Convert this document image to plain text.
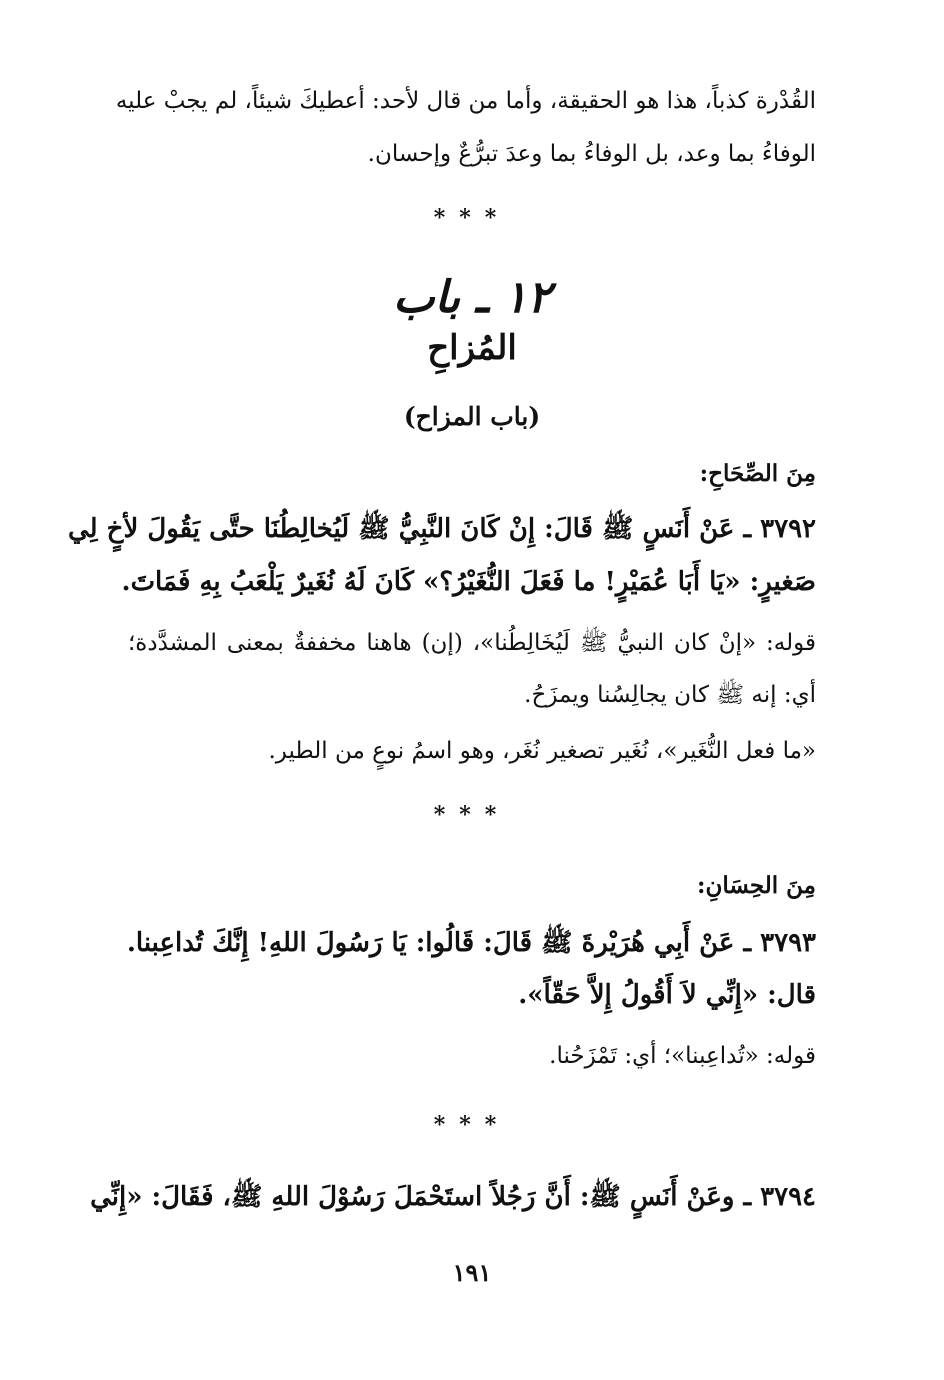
القُدْرة كذباً، هذا هو الحقيقة، وأما من قال لأحد: أعطيكَ شيئاً، لم يجبْ عليه
الوفاءُ بما وعد، بل الوفاءُ بما وعدَ تبرُّعٌ وإحسان.
***
١٢ ـ باب
المُزاحِ
(باب المزاح)
مِنَ الصِّحَاحِ:
٣٧٩٢ ـ عَنْ أَنَسٍ ﷺ قَالَ: إِنْ كَانَ النَّبِيُّ ﷺ لَيُخالِطُنَا حتَّى يَقُولَ لأخٍ لِي
صَغيرٍ: «يَا أَبَا عُمَيْرٍ! ما فَعَلَ النُّغَيْرُ؟» كَانَ لَهُ نُغَيرٌ يَلْعَبُ بِهِ فَمَاتَ.
قوله: «إنْ كان النبيُّ ﷺ لَيُخَالِطُنا»، (إن) هاهنا مخففةٌ بمعنى المشدَّدة؛
أي: إنه ﷺ كان يجالِسُنا ويمزَحُ.
«ما فعل النُّغَير»، نُغَير تصغير نُغَر، وهو اسمُ نوعٍ من الطير.
***
مِنَ الحِسَانِ:
٣٧٩٣ ـ عَنْ أَبِي هُرَيْرةَ ﷺ قَالَ: قَالُوا: يَا رَسُولَ اللهِ! إِنَّكَ تُداعِبنا.
قال: «إِنِّي لاَ أَقُولُ إِلاَّ حَقّاً».
قوله: «تُداعِبنا»؛ أي: تَمْزَحُنا.
***
٣٧٩٤ ـ وعَنْ أَنَسٍ ﷺ: أَنَّ رَجُلاً استَحْمَلَ رَسُوْلَ اللهِ ﷺ، فَقَالَ: «إِنِّي
١٩١
